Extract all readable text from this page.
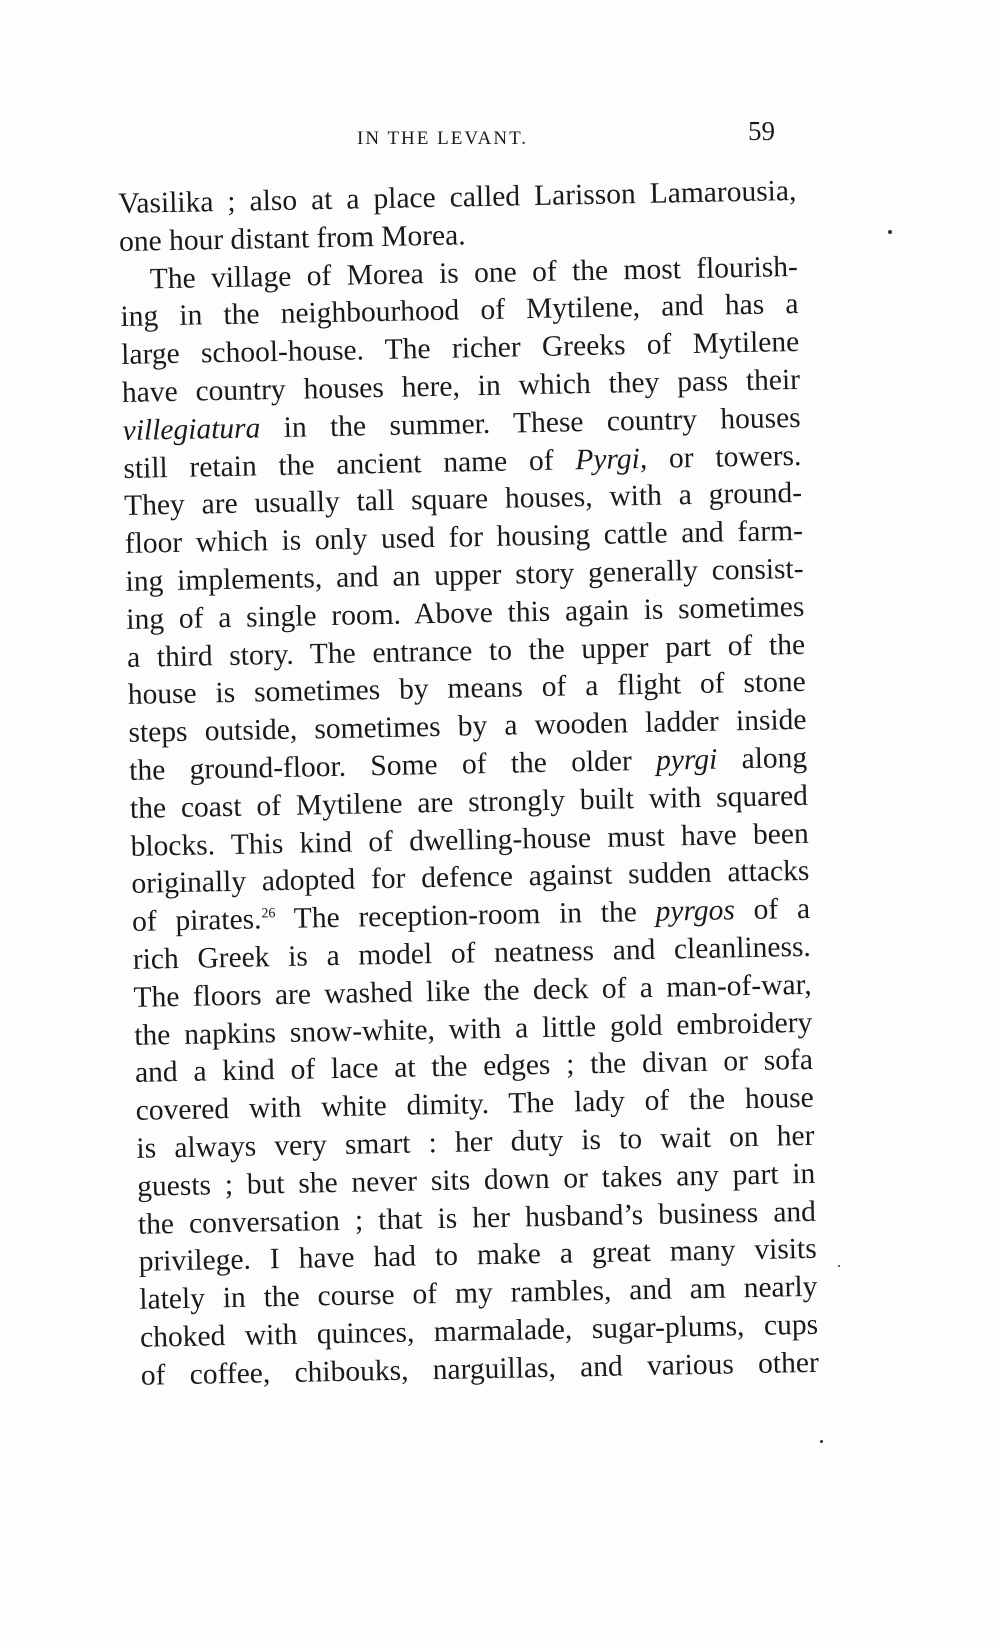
IN THE LEVANT.	59
Vasilika ; also at a place called Larisson Lamarousia,
one hour distant from Morea.
The village of Morea is one of the most flourish-
ing in the neighbourhood of Mytilene, and has a
large school-house. The richer Greeks of Mytilene
have country houses here, in which they pass their
villegiatura in the summer. These country houses
still retain the ancient name of Pyrgi, or towers.
They are usually tall square houses, with a ground-
floor which is only used for housing cattle and farm-
ing implements, and an upper story generally consist-
ing of a single room. Above this again is sometimes
a third story. The entrance to the upper part of the
house is sometimes by means of a flight of stone
steps outside, sometimes by a wooden ladder inside
the ground-floor. Some of the older pyrgi along
the coast of Mytilene are strongly built with squared
blocks. This kind of dwelling-house must have been
originally adopted for defence against sudden attacks
of pirates.$^{26}$ The reception-room in the pyrgos of a
rich Greek is a model of neatness and cleanliness.
The floors are washed like the deck of a man-of-war,
the napkins snow-white, with a little gold embroidery
and a kind of lace at the edges ; the divan or sofa
covered with white dimity. The lady of the house
is always very smart : her duty is to wait on her
guests ; but she never sits down or takes any part in
the conversation ; that is her husband’s business and
privilege. I have had to make a great many visits
lately in the course of my rambles, and am nearly
choked with quinces, marmalade, sugar-plums, cups
of coffee, chibouks, narguillas, and various other
